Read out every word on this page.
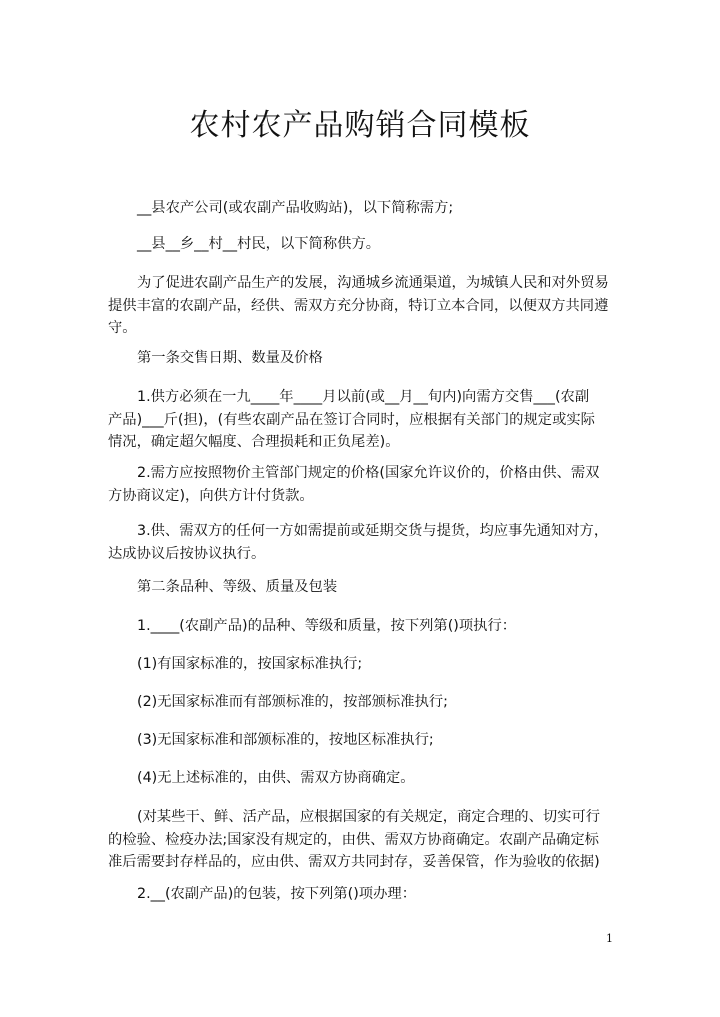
农村农产品购销合同模板
__县农产公司(或农副产品收购站)，以下简称需方;
__县__乡__村__村民，以下简称供方。
为了促进农副产品生产的发展，沟通城乡流通渠道，为城镇人民和对外贸易
提供丰富的农副产品，经供、需双方充分协商，特订立本合同，以便双方共同遵
守。
第一条交售日期、数量及价格
1.供方必须在一九____年____月以前(或__月__旬内)向需方交售___(农副
产品)___斤(担)，(有些农副产品在签订合同时，应根据有关部门的规定或实际
情况，确定超欠幅度、合理损耗和正负尾差)。
2.需方应按照物价主管部门规定的价格(国家允许议价的，价格由供、需双
方协商议定)，向供方计付货款。
3.供、需双方的任何一方如需提前或延期交货与提货，均应事先通知对方，
达成协议后按协议执行。
第二条品种、等级、质量及包装
1.____(农副产品)的品种、等级和质量，按下列第()项执行：
(1)有国家标准的，按国家标准执行;
(2)无国家标准而有部颁标准的，按部颁标准执行;
(3)无国家标准和部颁标准的，按地区标准执行;
(4)无上述标准的，由供、需双方协商确定。
(对某些干、鲜、活产品，应根据国家的有关规定，商定合理的、切实可行
的检验、检疫办法;国家没有规定的，由供、需双方协商确定。农副产品确定标
准后需要封存样品的，应由供、需双方共同封存，妥善保管，作为验收的依据)
2.__(农副产品)的包装，按下列第()项办理：
1
